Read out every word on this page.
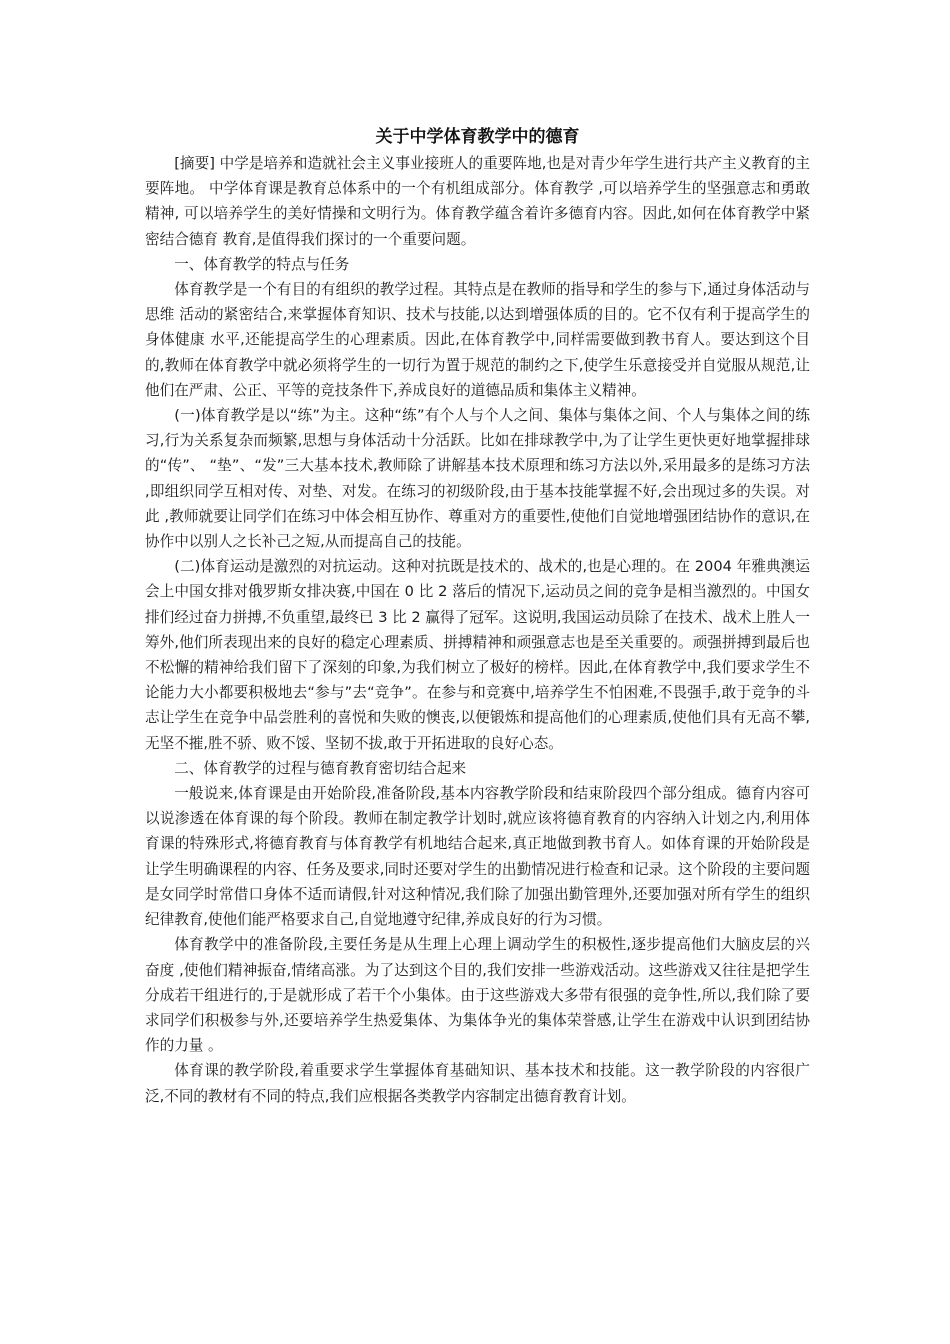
关于中学体育教学中的德育

[摘要] 中学是培养和造就社会主义事业接班人的重要阵地,也是对青少年学生进行共产主义教育的主要阵地。 中学体育课是教育总体系中的一个有机组成部分。体育教学 ,可以培养学生的坚强意志和勇敢精神, 可以培养学生的美好情操和文明行为。体育教学蕴含着许多德育内容。因此,如何在体育教学中紧密结合德育 教育,是值得我们探讨的一个重要问题。

一、体育教学的特点与任务

体育教学是一个有目的有组织的教学过程。其特点是在教师的指导和学生的参与下,通过身体活动与思维 活动的紧密结合,来掌握体育知识、技术与技能,以达到增强体质的目的。它不仅有利于提高学生的身体健康 水平,还能提高学生的心理素质。因此,在体育教学中,同样需要做到教书育人。要达到这个目的,教师在体育教学中就必须将学生的一切行为置于规范的制约之下,使学生乐意接受并自觉服从规范,让他们在严肃、公正、平等的竞技条件下,养成良好的道德品质和集体主义精神。

(一)体育教学是以“练”为主。这种“练”有个人与个人之间、集体与集体之间、个人与集体之间的练习,行为关系复杂而频繁,思想与身体活动十分活跃。比如在排球教学中,为了让学生更快更好地掌握排球的“传”、 “垫”、“发”三大基本技术,教师除了讲解基本技术原理和练习方法以外,采用最多的是练习方法 ,即组织同学互相对传、对垫、对发。在练习的初级阶段,由于基本技能掌握不好,会出现过多的失误。对此 ,教师就要让同学们在练习中体会相互协作、尊重对方的重要性,使他们自觉地增强团结协作的意识,在协作中以别人之长补己之短,从而提高自己的技能。

(二)体育运动是激烈的对抗运动。这种对抗既是技术的、战术的,也是心理的。在 2004 年雅典澳运会上中国女排对俄罗斯女排决赛,中国在 0 比 2 落后的情况下,运动员之间的竞争是相当激烈的。中国女排们经过奋力拼搏,不负重望,最终已 3 比 2 赢得了冠军。这说明,我国运动员除了在技术、战术上胜人一筹外,他们所表现出来的良好的稳定心理素质、拼搏精神和顽强意志也是至关重要的。顽强拼搏到最后也不松懈的精神给我们留下了深刻的印象,为我们树立了极好的榜样。因此,在体育教学中,我们要求学生不论能力大小都要积极地去“参与”去“竞争”。在参与和竞赛中,培养学生不怕困难,不畏强手,敢于竞争的斗志让学生在竞争中品尝胜利的喜悦和失败的懊丧,以便锻炼和提高他们的心理素质,使他们具有无高不攀,无坚不摧,胜不骄、败不馁、坚韧不拔,敢于开拓进取的良好心态。

二、体育教学的过程与德育教育密切结合起来

一般说来,体育课是由开始阶段,准备阶段,基本内容教学阶段和结束阶段四个部分组成。德育内容可以说渗透在体育课的每个阶段。教师在制定教学计划时,就应该将德育教育的内容纳入计划之内,利用体育课的特殊形式,将德育教育与体育教学有机地结合起来,真正地做到教书育人。如体育课的开始阶段是让学生明确课程的内容、任务及要求,同时还要对学生的出勤情况进行检查和记录。这个阶段的主要问题是女同学时常借口身体不适而请假,针对这种情况,我们除了加强出勤管理外,还要加强对所有学生的组织纪律教育,使他们能严格要求自己,自觉地遵守纪律,养成良好的行为习惯。

体育教学中的准备阶段,主要任务是从生理上心理上调动学生的积极性,逐步提高他们大脑皮层的兴奋度 ,使他们精神振奋,情绪高涨。为了达到这个目的,我们安排一些游戏活动。这些游戏又往往是把学生分成若干组进行的,于是就形成了若干个小集体。由于这些游戏大多带有很强的竞争性,所以,我们除了要求同学们积极参与外,还要培养学生热爱集体、为集体争光的集体荣誉感,让学生在游戏中认识到团结协作的力量 。

体育课的教学阶段,着重要求学生掌握体育基础知识、基本技术和技能。这一教学阶段的内容很广泛,不同的教材有不同的特点,我们应根据各类教学内容制定出德育教育计划。
